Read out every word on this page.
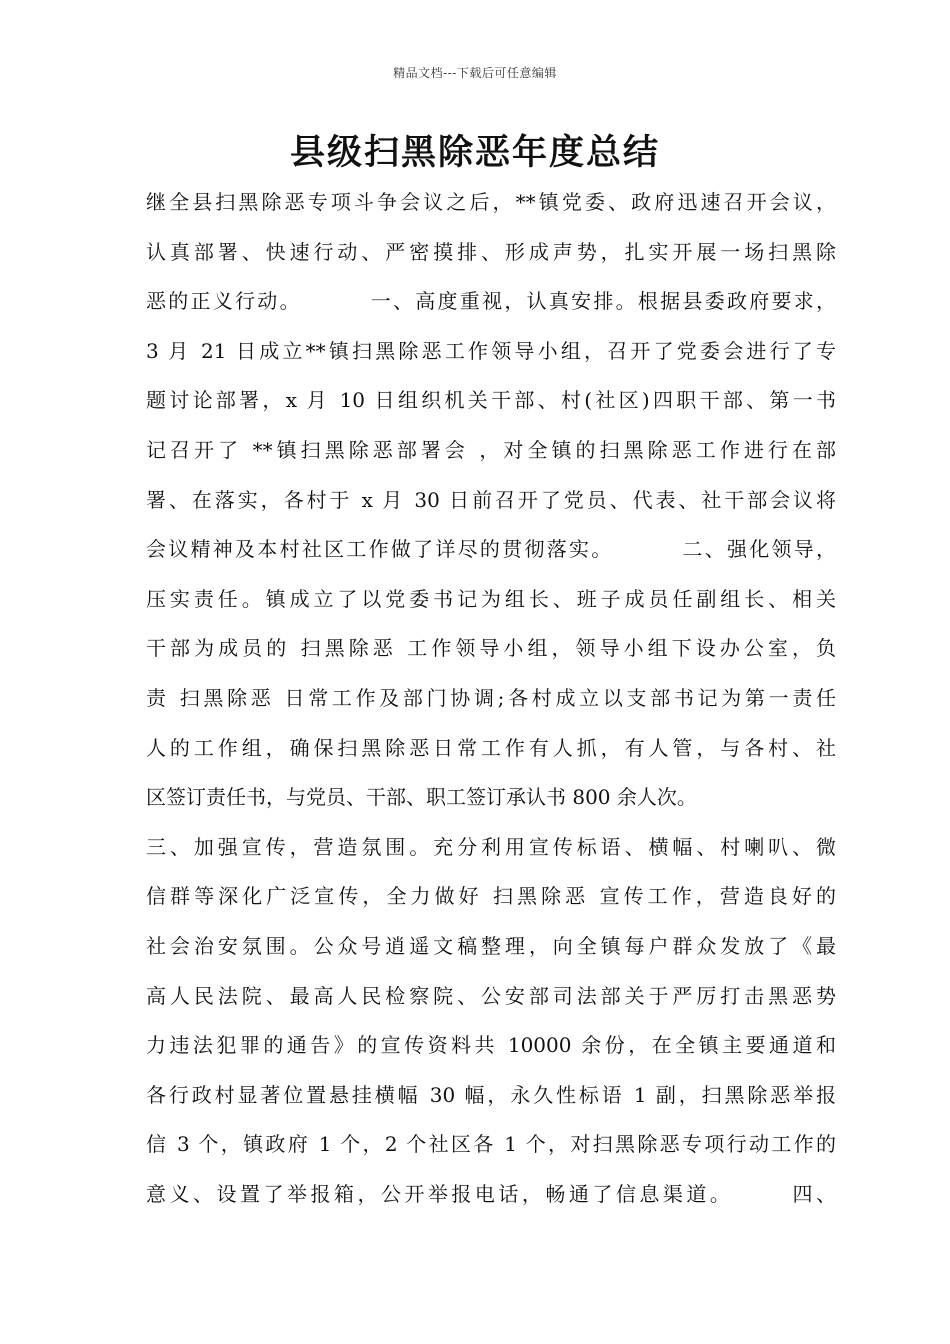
精品文档---下载后可任意编辑
县级扫黑除恶年度总结
继全县扫黑除恶专项斗争会议之后，**镇党委、政府迅速召开会议，
认真部署、快速行动、严密摸排、形成声势，扎实开展一场扫黑除
恶的正义行动。        一、高度重视，认真安排。根据县委政府要求，
3 月 21 日成立**镇扫黑除恶工作领导小组，召开了党委会进行了专
题讨论部署，x 月 10 日组织机关干部、村(社区)四职干部、第一书
记召开了 **镇扫黑除恶部署会 ，对全镇的扫黑除恶工作进行在部
署、在落实，各村于 x 月 30 日前召开了党员、代表、社干部会议将
会议精神及本村社区工作做了详尽的贯彻落实。        二、强化领导，
压实责任。镇成立了以党委书记为组长、班子成员任副组长、相关
干部为成员的 扫黑除恶 工作领导小组，领导小组下设办公室，负
责 扫黑除恶 日常工作及部门协调;各村成立以支部书记为第一责任
人的工作组，确保扫黑除恶日常工作有人抓，有人管，与各村、社
区签订责任书，与党员、干部、职工签订承认书 800 余人次。
三、加强宣传，营造氛围。充分利用宣传标语、横幅、村喇叭、微
信群等深化广泛宣传，全力做好 扫黑除恶 宣传工作，营造良好的
社会治安氛围。公众号逍遥文稿整理，向全镇每户群众发放了《最
高人民法院、最高人民检察院、公安部司法部关于严厉打击黑恶势
力违法犯罪的通告》的宣传资料共 10000 余份，在全镇主要通道和
各行政村显著位置悬挂横幅 30 幅，永久性标语 1 副，扫黑除恶举报
信 3 个，镇政府 1 个，2 个社区各 1 个，对扫黑除恶专项行动工作的
意义、设置了举报箱，公开举报电话，畅通了信息渠道。      四、
